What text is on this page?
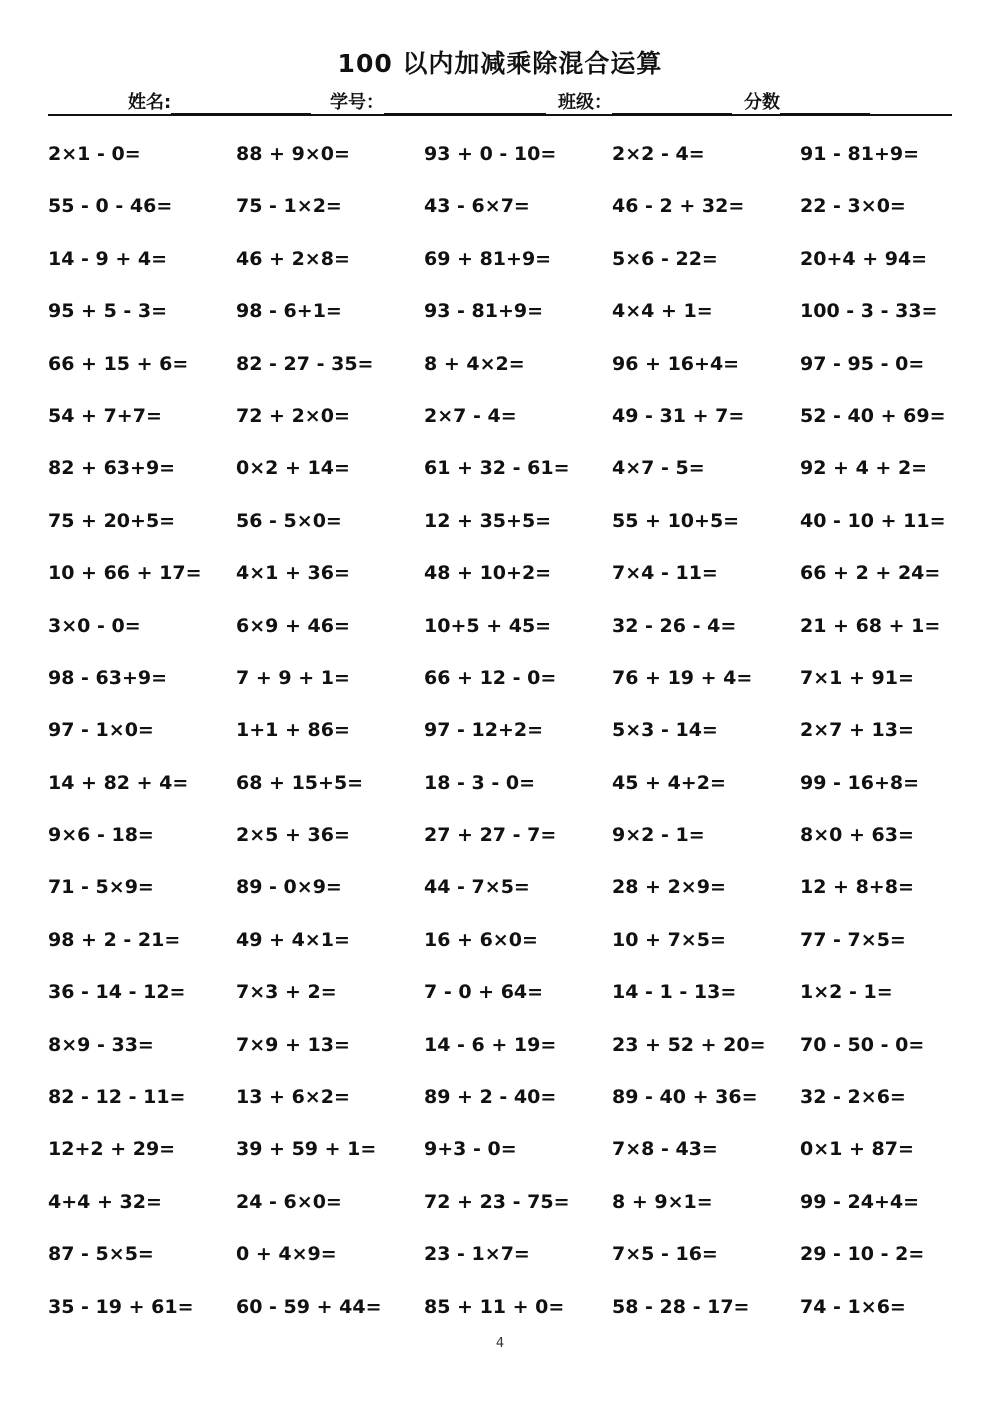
100 以内加减乘除混合运算
姓名:	学号：	班级：	分数
2×1 - 0=	88 + 9×0=	93 + 0 - 10=	2×2 - 4=	91 - 81+9=
55 - 0 - 46=	75 - 1×2=	43 - 6×7=	46 - 2 + 32=	22 - 3×0=
14 - 9 + 4=	46 + 2×8=	69 + 81+9=	5×6 - 22=	20+4 + 94=
95 + 5 - 3=	98 - 6+1=	93 - 81+9=	4×4 + 1=	100 - 3 - 33=
66 + 15 + 6=	82 - 27 - 35=	8 + 4×2=	96 + 16+4=	97 - 95 - 0=
54 + 7+7=	72 + 2×0=	2×7 - 4=	49 - 31 + 7=	52 - 40 + 69=
82 + 63+9=	0×2 + 14=	61 + 32 - 61=	4×7 - 5=	92 + 4 + 2=
75 + 20+5=	56 - 5×0=	12 + 35+5=	55 + 10+5=	40 - 10 + 11=
10 + 66 + 17=	4×1 + 36=	48 + 10+2=	7×4 - 11=	66 + 2 + 24=
3×0 - 0=	6×9 + 46=	10+5 + 45=	32 - 26 - 4=	21 + 68 + 1=
98 - 63+9=	7 + 9 + 1=	66 + 12 - 0=	76 + 19 + 4=	7×1 + 91=
97 - 1×0=	1+1 + 86=	97 - 12+2=	5×3 - 14=	2×7 + 13=
14 + 82 + 4=	68 + 15+5=	18 - 3 - 0=	45 + 4+2=	99 - 16+8=
9×6 - 18=	2×5 + 36=	27 + 27 - 7=	9×2 - 1=	8×0 + 63=
71 - 5×9=	89 - 0×9=	44 - 7×5=	28 + 2×9=	12 + 8+8=
98 + 2 - 21=	49 + 4×1=	16 + 6×0=	10 + 7×5=	77 - 7×5=
36 - 14 - 12=	7×3 + 2=	7 - 0 + 64=	14 - 1 - 13=	1×2 - 1=
8×9 - 33=	7×9 + 13=	14 - 6 + 19=	23 + 52 + 20=	70 - 50 - 0=
82 - 12 - 11=	13 + 6×2=	89 + 2 - 40=	89 - 40 + 36=	32 - 2×6=
12+2 + 29=	39 + 59 + 1=	9+3 - 0=	7×8 - 43=	0×1 + 87=
4+4 + 32=	24 - 6×0=	72 + 23 - 75=	8 + 9×1=	99 - 24+4=
87 - 5×5=	0 + 4×9=	23 - 1×7=	7×5 - 16=	29 - 10 - 2=
35 - 19 + 61=	60 - 59 + 44=	85 + 11 + 0=	58 - 28 - 17=	74 - 1×6=
4
